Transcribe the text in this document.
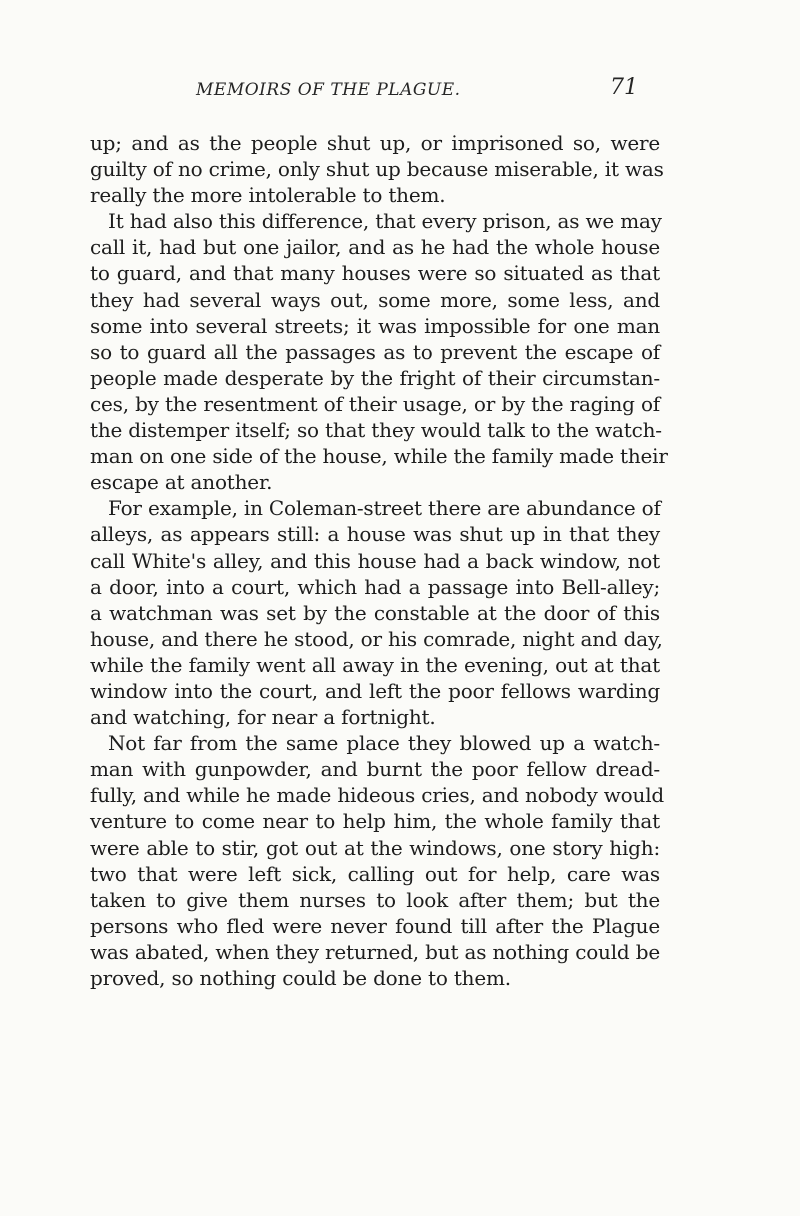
MEMOIRS OF THE PLAGUE.	71
up; and as the people shut up, or imprisoned so, were
guilty of no crime, only shut up because miserable, it was
really the more intolerable to them.
It had also this difference, that every prison, as we may
call it, had but one jailor, and as he had the whole house
to guard, and that many houses were so situated as that
they had several ways out, some more, some less, and
some into several streets; it was impossible for one man
so to guard all the passages as to prevent the escape of
people made desperate by the fright of their circumstan-
ces, by the resentment of their usage, or by the raging of
the distemper itself; so that they would talk to the watch-
man on one side of the house, while the family made their
escape at another.
For example, in Coleman-street there are abundance of
alleys, as appears still: a house was shut up in that they
call White's alley, and this house had a back window, not
a door, into a court, which had a passage into Bell-alley;
a watchman was set by the constable at the door of this
house, and there he stood, or his comrade, night and day,
while the family went all away in the evening, out at that
window into the court, and left the poor fellows warding
and watching, for near a fortnight.
Not far from the same place they blowed up a watch-
man with gunpowder, and burnt the poor fellow dread-
fully, and while he made hideous cries, and nobody would
venture to come near to help him, the whole family that
were able to stir, got out at the windows, one story high:
two that were left sick, calling out for help, care was
taken to give them nurses to look after them; but the
persons who fled were never found till after the Plague
was abated, when they returned, but as nothing could be
proved, so nothing could be done to them.
